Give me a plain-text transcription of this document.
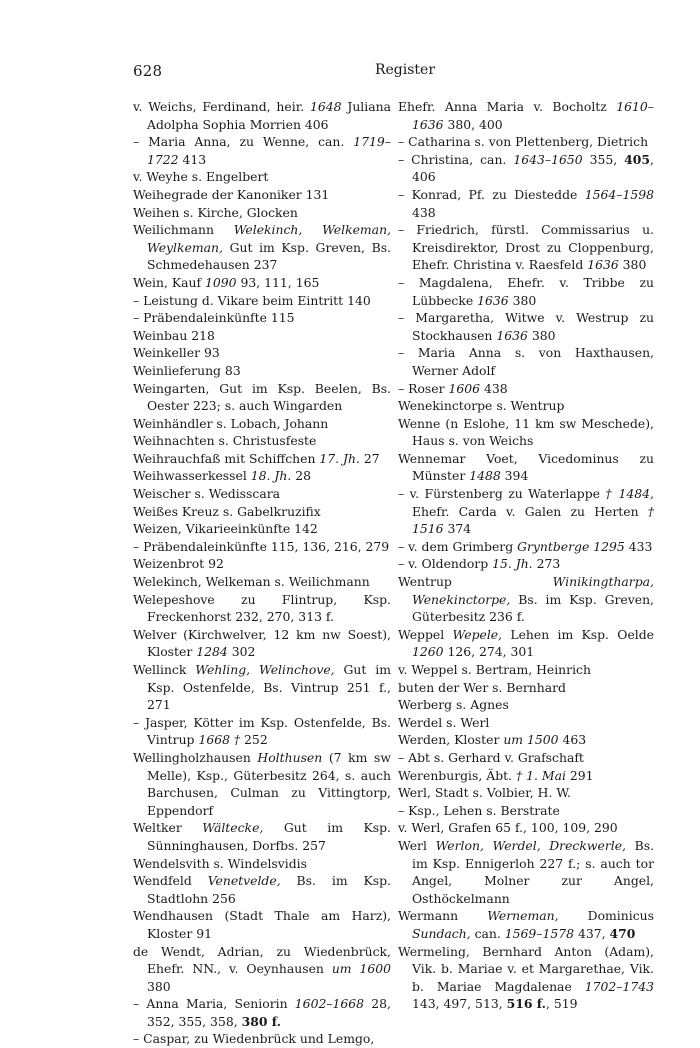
628	Register

v. Weichs, Ferdinand, heir. 1648 Juliana Adolpha Sophia Morrien 406

– Maria Anna, zu Wenne, can. 1719–1722 413

v. Weyhe s. Engelbert

Weihegrade der Kanoniker 131

Weihen s. Kirche, Glocken

Weilichmann Welekinch, Welkeman, Weylkeman, Gut im Ksp. Greven, Bs. Schmedehausen 237

Wein, Kauf 1090 93, 111, 165

– Leistung d. Vikare beim Eintritt 140

– Präbendaleinkünfte 115

Weinbau 218

Weinkeller 93

Weinlieferung 83

Weingarten, Gut im Ksp. Beelen, Bs. Oester 223; s. auch Wingarden

Weinhändler s. Lobach, Johann

Weihnachten s. Christusfeste

Weihrauchfaß mit Schiffchen 17. Jh. 27

Weihwasserkessel 18. Jh. 28

Weischer s. Wedisscara

Weißes Kreuz s. Gabelkruzifix

Weizen, Vikarieeinkünfte 142

– Präbendaleinkünfte 115, 136, 216, 279

Weizenbrot 92

Welekinch, Welkeman s. Weilichmann

Welepeshove zu Flintrup, Ksp. Freckenhorst 232, 270, 313 f.

Welver (Kirchwelver, 12 km nw Soest), Kloster 1284 302

Wellinck Wehling, Welinchove, Gut im Ksp. Ostenfelde, Bs. Vintrup 251 f., 271

– Jasper, Kötter im Ksp. Ostenfelde, Bs. Vintrup 1668 † 252

Wellingholzhausen Holthusen (7 km sw Melle), Ksp., Güterbesitz 264, s. auch Barchusen, Culman zu Vittingtorp, Eppendorf

Weltker Wältecke, Gut im Ksp. Sünninghausen, Dorfbs. 257

Wendelsvith s. Windelsvidis

Wendfeld Venetvelde, Bs. im Ksp. Stadtlohn 256

Wendhausen (Stadt Thale am Harz), Kloster 91

de Wendt, Adrian, zu Wiedenbrück, Ehefr. NN., v. Oeynhausen um 1600 380

– Anna Maria, Seniorin 1602–1668 28, 352, 355, 358, 380 f.

– Caspar, zu Wiedenbrück und Lemgo,

Ehefr. Anna Maria v. Bocholtz 1610–1636 380, 400

– Catharina s. von Plettenberg, Dietrich

– Christina, can. 1643–1650 355, 405, 406

– Konrad, Pf. zu Diestedde 1564–1598 438

– Friedrich, fürstl. Commissarius u. Kreisdirektor, Drost zu Cloppenburg, Ehefr. Christina v. Raesfeld 1636 380

– Magdalena, Ehefr. v. Tribbe zu Lübbecke 1636 380

– Margaretha, Witwe v. Westrup zu Stockhausen 1636 380

– Maria Anna s. von Haxthausen, Werner Adolf

– Roser 1606 438

Wenekinctorpe s. Wentrup

Wenne (n Eslohe, 11 km sw Meschede), Haus s. von Weichs

Wennemar Voet, Vicedominus zu Münster 1488 394

– v. Fürstenberg zu Waterlappe † 1484, Ehefr. Carda v. Galen zu Herten † 1516 374

– v. dem Grimberg Gryntberge 1295 433

– v. Oldendorp 15. Jh. 273

Wentrup Winikingtharpa, Wenekinctorpe, Bs. im Ksp. Greven, Güterbesitz 236 f.

Weppel Wepele, Lehen im Ksp. Oelde 1260 126, 274, 301

v. Weppel s. Bertram, Heinrich

buten der Wer s. Bernhard

Werberg s. Agnes

Werdel s. Werl

Werden, Kloster um 1500 463

– Abt s. Gerhard v. Grafschaft

Werenburgis, Äbt. † 1. Mai 291

Werl, Stadt s. Volbier, H. W.

– Ksp., Lehen s. Berstrate

v. Werl, Grafen 65 f., 100, 109, 290

Werl Werlon, Werdel, Dreckwerle, Bs. im Ksp. Ennigerloh 227 f.; s. auch tor Angel, Molner zur Angel, Osthöckelmann

Wermann Werneman, Dominicus Sundach, can. 1569–1578 437, 470

Wermeling, Bernhard Anton (Adam), Vik. b. Mariae v. et Margarethae, Vik. b. Mariae Magdalenae 1702–1743 143, 497, 513, 516 f., 519
